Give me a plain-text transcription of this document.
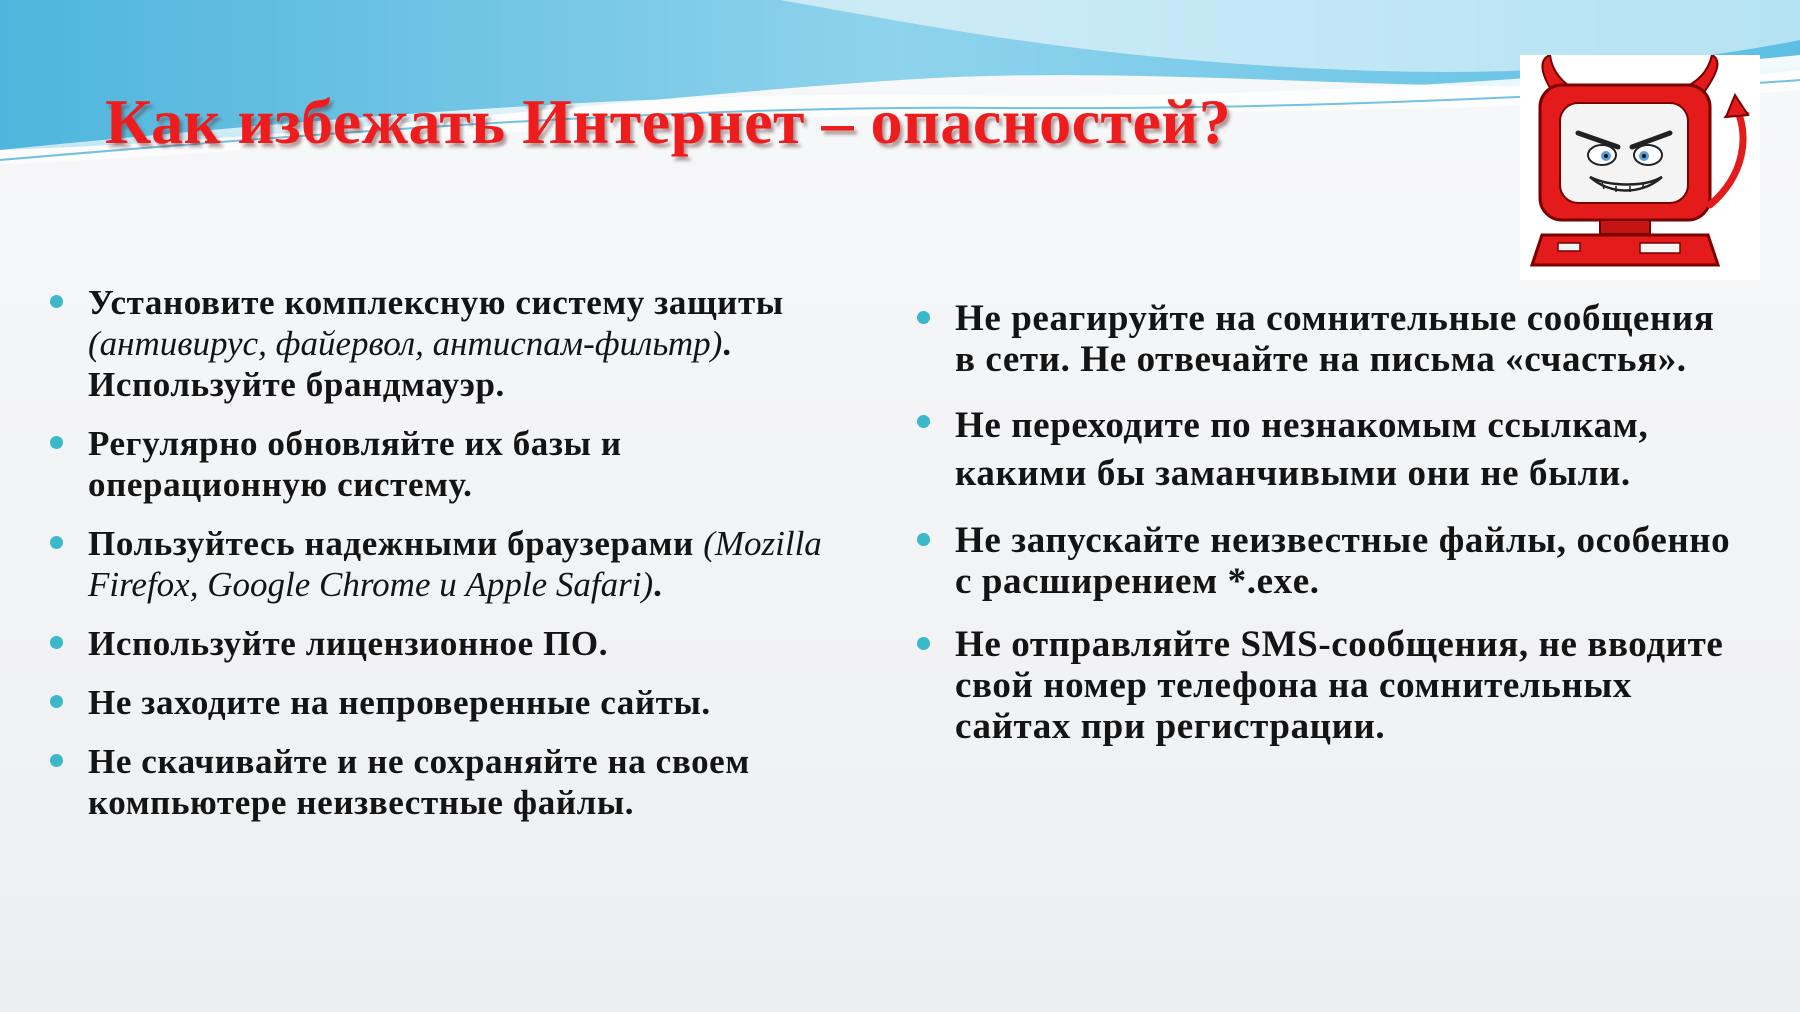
Как избежать Интернет – опасностей?
Установите комплексную систему защиты (антивирус, файервол, антиспам-фильтр). Используйте брандмауэр.
Регулярно обновляйте их базы и операционную систему.
Пользуйтесь надежными браузерами (Mozilla Firefox, Google Chrome и Apple Safari).
Используйте лицензионное ПО.
Не заходите на непроверенные сайты.
Не скачивайте и не сохраняйте на своем компьютере неизвестные файлы.
Не реагируйте на сомнительные сообщения в сети. Не отвечайте на письма «счастья».
Не переходите по незнакомым ссылкам, какими бы заманчивыми они не были.
Не запускайте неизвестные файлы, особенно с расширением *.exe.
Не отправляйте SMS-сообщения, не вводите свой номер телефона на сомнительных сайтах при регистрации.
